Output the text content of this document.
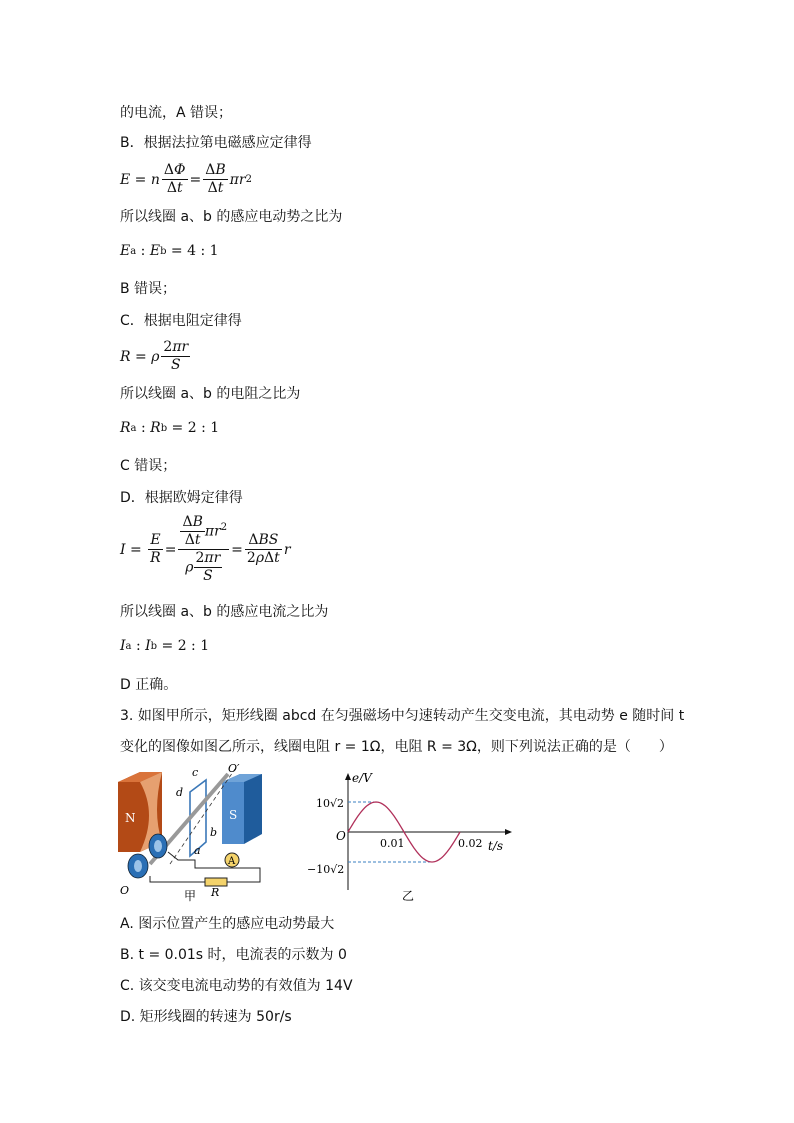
的电流，A 错误；
B．根据法拉第电磁感应定律得
E = n $\frac{\Delta\Phi}{\Delta t} = \frac{\Delta B}{\Delta t}$ πr 2
所以线圈 a、b 的感应电动势之比为
E a : E b = 4 : 1
B 错误；
C．根据电阻定律得
R = ρ $\frac{2\pi r}{S}$
所以线圈 a、b 的电阻之比为
R a : R b = 2 : 1
C 错误；
D．根据欧姆定律得
$I = \frac{E}{R} = \frac{\frac{\Delta B}{\Delta t} \pi r^2}{\rho \frac{2\pi r}{S}} = \frac{\text{ΔBS}}{\text{2ρΔt}}$ r
所以线圈 a、b 的感应电流之比为
I a : I b = 2 : 1
D 正确。
3. 如图甲所示，矩形线圈 abcd 在匀强磁场中匀速转动产生交变电流，其电动势 e 随时间 t
变化的图像如图乙所示，线圈电阻 r = 1Ω，电阻 R = 3Ω，则下列说法正确的是（　　）
N	S
A
c
d
b
a
O′
O	R
甲
e/V
t/s
O
10√2
−10√2
0.01	0.02
乙
A. 图示位置产生的感应电动势最大
B. t = 0.01s 时，电流表的示数为 0
C. 该交变电流电动势的有效值为 14V
D. 矩形线圈的转速为 50r/s
